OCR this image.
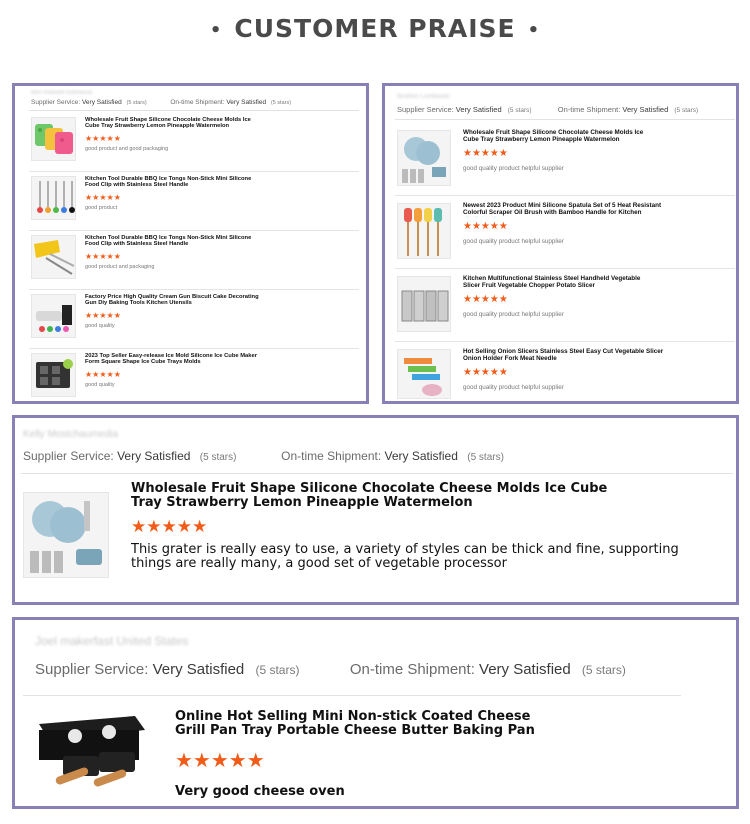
• CUSTOMER PRAISE •
Ben Rowsell Indonesia
Supplier Service: Very Satisfied (5 stars)	On-time Shipment: Very Satisfied (5 stars)
Wholesale Fruit Shape Silicone Chocolate Cheese Molds Ice Cube Tray Strawberry Lemon Pineapple Watermelon
★★★★★
good product and good packaging
Kitchen Tool Durable BBQ Ice Tongs Non-Stick Mini Silicone Food Clip with Stainless Steel Handle
★★★★★
good product
Kitchen Tool Durable BBQ Ice Tongs Non-Stick Mini Silicone Food Clip with Stainless Steel Handle
★★★★★
good product and packaging
Factory Price High Quality Cream Gun Biscuit Cake Decorating Gun Diy Baking Tools Kitchen Utensils
★★★★★
good quality
2023 Top Seller Easy-release Ice Mold Silicone Ice Cube Maker Form Square Shape Ice Cube Trays Molds
★★★★★
good quality
Ibrahim Lombardo
Supplier Service: Very Satisfied (5 stars)	On-time Shipment: Very Satisfied (5 stars)
Wholesale Fruit Shape Silicone Chocolate Cheese Molds Ice Cube Tray Strawberry Lemon Pineapple Watermelon
★★★★★
good quality product helpful supplier
Newest 2023 Product Mini Silicone Spatula Set of 5 Heat Resistant Colorful Scraper Oil Brush with Bamboo Handle for Kitchen
★★★★★
good quality product helpful supplier
Kitchen Multifunctional Stainless Steel Handheld Vegetable Slicer Fruit Vegetable Chopper Potato Slicer
★★★★★
good quality product helpful supplier
Hot Selling Onion Slicers Stainless Steel Easy Cut Vegetable Slicer Onion Holder Fork Meat Needle
★★★★★
good quality product helpful supplier
Kelly Mostchaumedia
Supplier Service: Very Satisfied (5 stars)	On-time Shipment: Very Satisfied (5 stars)
Wholesale Fruit Shape Silicone Chocolate Cheese Molds Ice Cube Tray Strawberry Lemon Pineapple Watermelon
★★★★★
This grater is really easy to use, a variety of styles can be thick and fine, supporting things are really many, a good set of vegetable processor
Joel makerfast United States
Supplier Service: Very Satisfied (5 stars)	On-time Shipment: Very Satisfied (5 stars)
Online Hot Selling Mini Non-stick Coated Cheese Grill Pan Tray Portable Cheese Butter Baking Pan
★★★★★
Very good cheese oven
